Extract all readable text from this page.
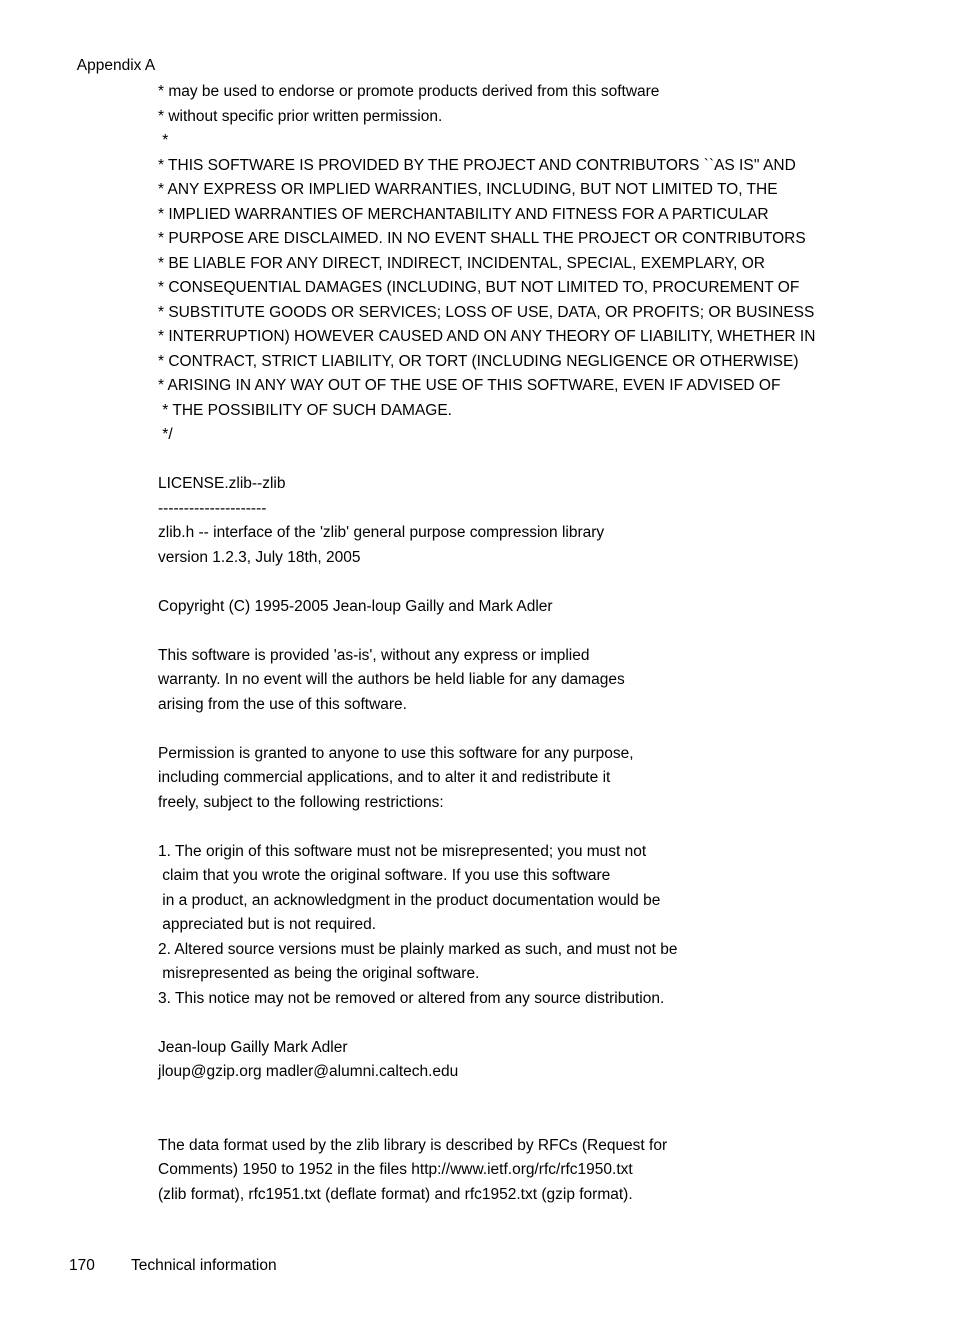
Appendix A

* may be used to endorse or promote products derived from this software
* without specific prior written permission.
*
* THIS SOFTWARE IS PROVIDED BY THE PROJECT AND CONTRIBUTORS ``AS IS'' AND
* ANY EXPRESS OR IMPLIED WARRANTIES, INCLUDING, BUT NOT LIMITED TO, THE
* IMPLIED WARRANTIES OF MERCHANTABILITY AND FITNESS FOR A PARTICULAR
* PURPOSE ARE DISCLAIMED. IN NO EVENT SHALL THE PROJECT OR CONTRIBUTORS
* BE LIABLE FOR ANY DIRECT, INDIRECT, INCIDENTAL, SPECIAL, EXEMPLARY, OR
* CONSEQUENTIAL DAMAGES (INCLUDING, BUT NOT LIMITED TO, PROCUREMENT OF
* SUBSTITUTE GOODS OR SERVICES; LOSS OF USE, DATA, OR PROFITS; OR BUSINESS
* INTERRUPTION) HOWEVER CAUSED AND ON ANY THEORY OF LIABILITY, WHETHER IN
* CONTRACT, STRICT LIABILITY, OR TORT (INCLUDING NEGLIGENCE OR OTHERWISE)
* ARISING IN ANY WAY OUT OF THE USE OF THIS SOFTWARE, EVEN IF ADVISED OF
* THE POSSIBILITY OF SUCH DAMAGE.
*/
LICENSE.zlib--zlib
---------------------
zlib.h -- interface of the 'zlib' general purpose compression library
version 1.2.3, July 18th, 2005
Copyright (C) 1995-2005 Jean-loup Gailly and Mark Adler
This software is provided 'as-is', without any express or implied
warranty. In no event will the authors be held liable for any damages
arising from the use of this software.
Permission is granted to anyone to use this software for any purpose,
including commercial applications, and to alter it and redistribute it
freely, subject to the following restrictions:
1. The origin of this software must not be misrepresented; you must not
claim that you wrote the original software. If you use this software
in a product, an acknowledgment in the product documentation would be
appreciated but is not required.
2. Altered source versions must be plainly marked as such, and must not be
misrepresented as being the original software.
3. This notice may not be removed or altered from any source distribution.
Jean-loup Gailly Mark Adler
jloup@gzip.org madler@alumni.caltech.edu
The data format used by the zlib library is described by RFCs (Request for
Comments) 1950 to 1952 in the files http://www.ietf.org/rfc/rfc1950.txt
(zlib format), rfc1951.txt (deflate format) and rfc1952.txt (gzip format).
170 Technical information
